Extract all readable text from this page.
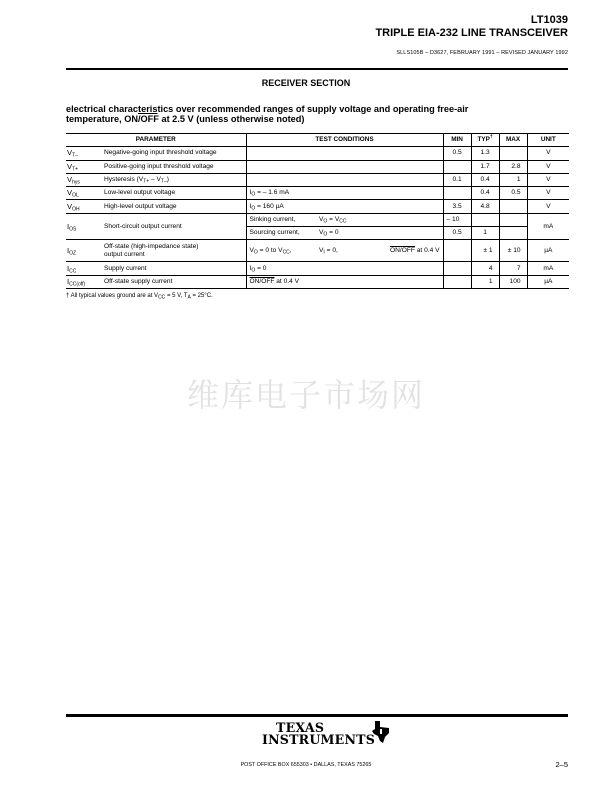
LT1039
TRIPLE EIA-232 LINE TRANSCEIVER
SLLS105B – D3627, FEBRUARY 1991 – REVISED JANUARY 1992
RECEIVER SECTION
electrical characteristics over recommended ranges of supply voltage and operating free-air
temperature, ON/OFF at 2.5 V (unless otherwise noted)
PARAMETER		TEST CONDITIONS			MIN	TYP†	MAX	UNIT
$V_{T-}$	Negative-going input threshold voltage				0.5	1.3		V
$V_{T+}$	Positive-going input threshold voltage					1.7	2.8	V
$V_{hys}$	Hysteresis $(V_{T+} - V_{T-})$				0.1	0.4	1	V
$V_{OL}$	Low-level output voltage	$I_O$ = – 1.6 mA				0.4	0.5	V
$V_{OH}$	High-level output voltage	$I_O = 160$ µA			3.5	4.8		V
$I_{OS}$	Short-circuit output current	Sinking current,	$V_O = V_{CC}$		– 10			mA
		Sourcing current,	$V_O = 0$		0.5	1		
$I_{OZ}$	Off-state (high-impedance state)
output current	$V_O = 0$ to $V_{CC}$,	$V_I = 0$,	ON/OFF at 0.4 V		± 1	± 10	µA
$I_{CC}$	Supply current	$I_O = 0$				4	7	mA
$I_{CC(off)}$	Off-state supply current	ON/OFF at 0.4 V				1	100	µA
† All typical values ground are at $V_{CC} = 5$ V, $T_A = 25^\circ C$.
维库电子市场网
TEXAS
INSTRUMENTS
POST OFFICE BOX 655303 • DALLAS, TEXAS 75265	2–5
